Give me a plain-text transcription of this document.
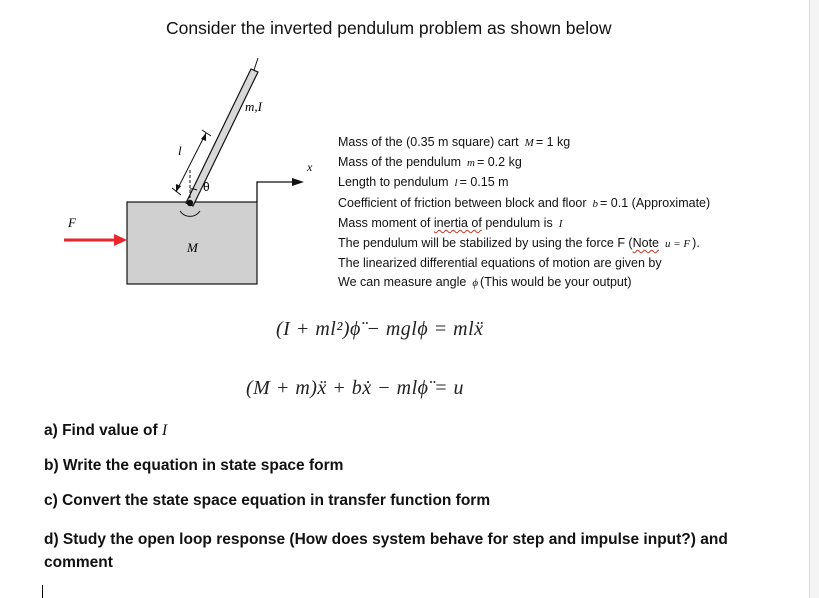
Consider the inverted pendulum problem as shown below
F
l
m,I
θ
M
x
Mass of the (0.35 m square) cart M = 1 kg
Mass of the pendulum m = 0.2 kg
Length to pendulum l = 0.15 m
Coefficient of friction between block and floor b = 0.1 (Approximate)
Mass moment of inertia of pendulum is I
The pendulum will be stabilized by using the force F (Note u = F ).
The linearized differential equations of motion are given by
We can measure angle ϕ (This would be your output)
(I + ml²)ϕ̈ − mglϕ = mlẍ
(M + m)ẍ + bẋ − mlϕ̈ = u
a) Find value of I
b) Write the equation in state space form
c) Convert the state space equation in transfer function form
d) Study the open loop response (How does system behave for step and impulse input?) and comment
